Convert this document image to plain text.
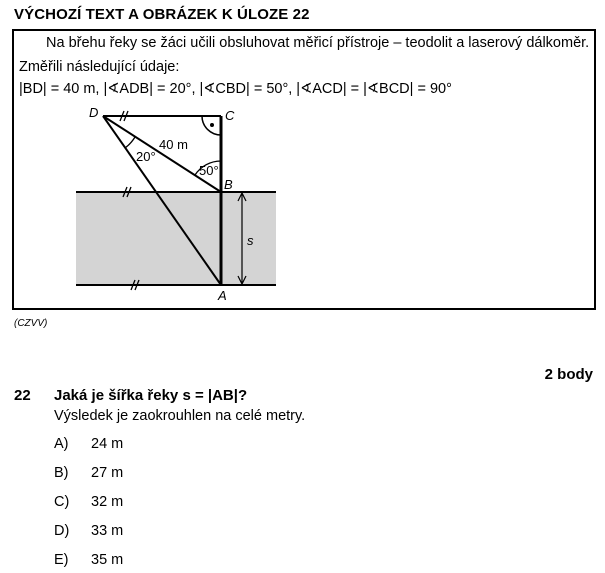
VÝCHOZÍ TEXT A OBRÁZEK K ÚLOZE 22
Na břehu řeky se žáci učili obsluhovat měřicí přístroje – teodolit a laserový dálkoměr.
Změřili následující údaje:
|BD| = 40 m, |∢ADB| = 20°, |∢CBD| = 50°, |∢ACD| = |∢BCD| = 90°
D	C
B
A
s
40 m
20°
50°
(CZVV)
2 body
22 Jaká je šířka řeky s = |AB|?
Výsledek je zaokrouhlen na celé metry.
A) 24 m
B) 27 m
C) 32 m
D) 33 m
E) 35 m
